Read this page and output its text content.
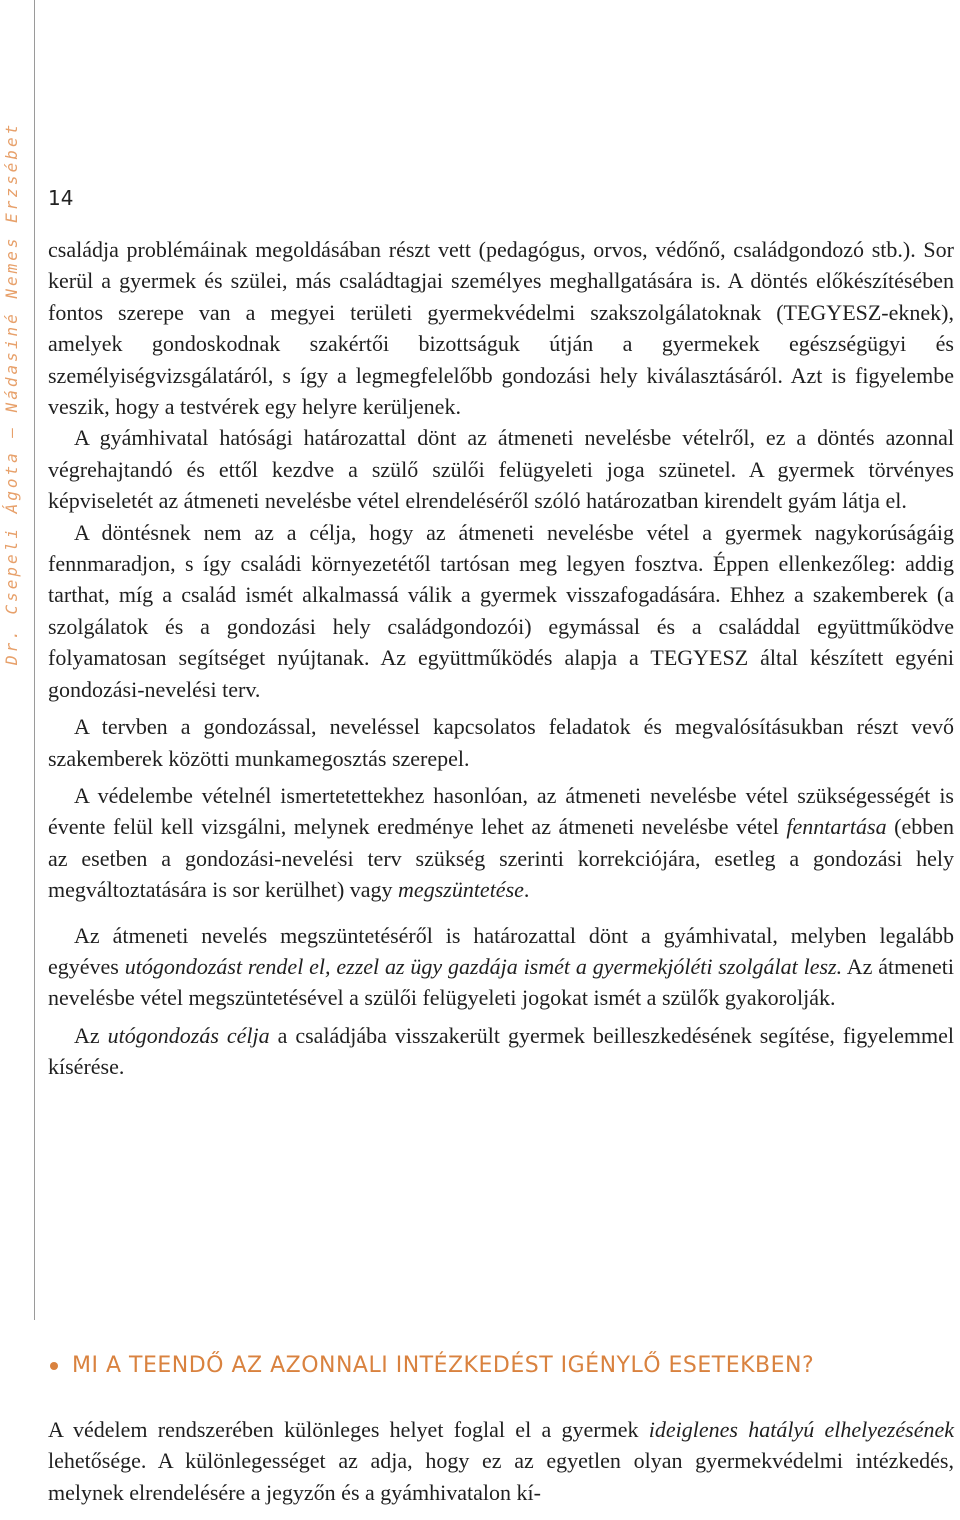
Dr. Csepeli Ágota – Nádasiné Nemes Erzsébet 14

családja problémáinak megoldásában részt vett (pedagógus, orvos, védőnő, családgondozó stb.). Sor kerül a gyermek és szülei, más családtagjai személyes meghallgatására is. A döntés előkészítésében fontos szerepe van a megyei területi gyermekvédelmi szakszolgálatoknak (TEGYESZ-eknek), amelyek gondoskodnak szakértői bizottságuk útján a gyermekek egészségügyi és személyiségvizsgálatáról, s így a legmegfelelőbb gondozási hely kiválasztásáról. Azt is figyelembe veszik, hogy a testvérek egy helyre kerüljenek.

A gyámhivatal hatósági határozattal dönt az átmeneti nevelésbe vételről, ez a döntés azonnal végrehajtandó és ettől kezdve a szülő szülői felügyeleti joga szünetel. A gyermek törvényes képviseletét az átmeneti nevelésbe vétel elrendeléséről szóló határozatban kirendelt gyám látja el.

A döntésnek nem az a célja, hogy az átmeneti nevelésbe vétel a gyermek nagykorúságáig fennmaradjon, s így családi környezetétől tartósan meg legyen fosztva. Éppen ellenkezőleg: addig tarthat, míg a család ismét alkalmassá válik a gyermek visszafogadására. Ehhez a szakemberek (a szolgálatok és a gondozási hely családgondozói) egymással és a családdal együttműködve folyamatosan segítséget nyújtanak. Az együttműködés alapja a TEGYESZ által készített egyéni gondozási-nevelési terv.

A tervben a gondozással, neveléssel kapcsolatos feladatok és megvalósításukban részt vevő szakemberek közötti munkamegosztás szerepel.

A védelembe vételnél ismertetettekhez hasonlóan, az átmeneti nevelésbe vétel szükségességét is évente felül kell vizsgálni, melynek eredménye lehet az átmeneti nevelésbe vétel fenntartása (ebben az esetben a gondozási-nevelési terv szükség szerinti korrekciójára, esetleg a gondozási hely megváltoztatására is sor kerülhet) vagy megszüntetése.

Az átmeneti nevelés megszüntetéséről is határozattal dönt a gyámhivatal, melyben legalább egyéves utógondozást rendel el, ezzel az ügy gazdája ismét a gyermekjóléti szolgálat lesz. Az átmeneti nevelésbe vétel megszüntetésével a szülői felügyeleti jogokat ismét a szülők gyakorolják.

Az utógondozás célja a családjába visszakerült gyermek beilleszkedésének segítése, figyelemmel kísérése.

MI A TEENDŐ AZ AZONNALI INTÉZKEDÉST IGÉNYLŐ ESETEKBEN?

A védelem rendszerében különleges helyet foglal el a gyermek ideiglenes hatályú elhelyezésének lehetősége. A különlegességet az adja, hogy ez az egyetlen olyan gyermekvédelmi intézkedés, melynek elrendelésére a jegyzőn és a gyámhivatalon kí-
